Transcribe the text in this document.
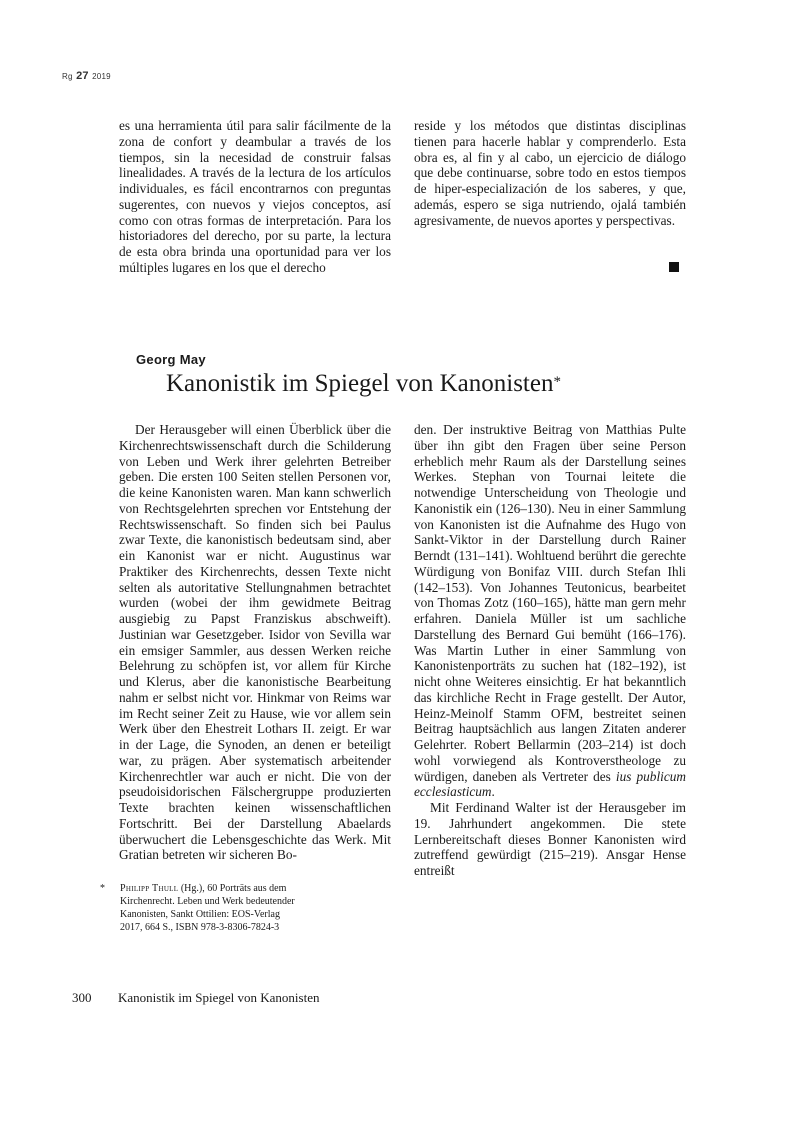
Rg 27 2019

es una herramienta útil para salir fácilmente de la zona de confort y deambular a través de los tiempos, sin la necesidad de construir falsas linealidades. A través de la lectura de los artículos individuales, es fácil encontrarnos con preguntas sugerentes, con nuevos y viejos conceptos, así como con otras formas de interpretación. Para los historiadores del derecho, por su parte, la lectura de esta obra brinda una oportunidad para ver los múltiples lugares en los que el derecho

reside y los métodos que distintas disciplinas tienen para hacerle hablar y comprenderlo. Esta obra es, al fin y al cabo, un ejercicio de diálogo que debe continuarse, sobre todo en estos tiempos de hiper-especialización de los saberes, y que, además, espero se siga nutriendo, ojalá también agresivamente, de nuevos aportes y perspectivas.

Georg May
Kanonistik im Spiegel von Kanonisten*

Der Herausgeber will einen Überblick über die Kirchenrechtswissenschaft durch die Schilderung von Leben und Werk ihrer gelehrten Betreiber geben. Die ersten 100 Seiten stellen Personen vor, die keine Kanonisten waren. Man kann schwerlich von Rechtsgelehrten sprechen vor Entstehung der Rechtswissenschaft. So finden sich bei Paulus zwar Texte, die kanonistisch bedeutsam sind, aber ein Kanonist war er nicht. Augustinus war Praktiker des Kirchenrechts, dessen Texte nicht selten als autoritative Stellungnahmen betrachtet wurden (wobei der ihm gewidmete Beitrag ausgiebig zu Papst Franziskus abschweift). Justinian war Gesetzgeber. Isidor von Sevilla war ein emsiger Sammler, aus dessen Werken reiche Belehrung zu schöpfen ist, vor allem für Kirche und Klerus, aber die kanonistische Bearbeitung nahm er selbst nicht vor. Hinkmar von Reims war im Recht seiner Zeit zu Hause, wie vor allem sein Werk über den Ehestreit Lothars II. zeigt. Er war in der Lage, die Synoden, an denen er beteiligt war, zu prägen. Aber systematisch arbeitender Kirchenrechtler war auch er nicht. Die von der pseudoisidorischen Fälschergruppe produzierten Texte brachten keinen wissenschaftlichen Fortschritt. Bei der Darstellung Abaelards überwuchert die Lebensgeschichte das Werk. Mit Gratian betreten wir sicheren Bo-

den. Der instruktive Beitrag von Matthias Pulte über ihn gibt den Fragen über seine Person erheblich mehr Raum als der Darstellung seines Werkes. Stephan von Tournai leitete die notwendige Unterscheidung von Theologie und Kanonistik ein (126–130). Neu in einer Sammlung von Kanonisten ist die Aufnahme des Hugo von Sankt-Viktor in der Darstellung durch Rainer Berndt (131–141). Wohltuend berührt die gerechte Würdigung von Bonifaz VIII. durch Stefan Ihli (142–153). Von Johannes Teutonicus, bearbeitet von Thomas Zotz (160–165), hätte man gern mehr erfahren. Daniela Müller ist um sachliche Darstellung des Bernard Gui bemüht (166–176). Was Martin Luther in einer Sammlung von Kanonistenporträts zu suchen hat (182–192), ist nicht ohne Weiteres einsichtig. Er hat bekanntlich das kirchliche Recht in Frage gestellt. Der Autor, Heinz-Meinolf Stamm OFM, bestreitet seinen Beitrag hauptsächlich aus langen Zitaten anderer Gelehrter. Robert Bellarmin (203–214) ist doch wohl vorwiegend als Kontroverstheologe zu würdigen, daneben als Vertreter des ius publicum ecclesiasticum.

Mit Ferdinand Walter ist der Herausgeber im 19. Jahrhundert angekommen. Die stete Lernbereitschaft dieses Bonner Kanonisten wird zutreffend gewürdigt (215–219). Ansgar Hense entreißt

* Philipp Thull (Hg.), 60 Porträts aus dem Kirchenrecht. Leben und Werk bedeutender Kanonisten, Sankt Ottilien: EOS-Verlag 2017, 664 S., ISBN 978-3-8306-7824-3
300 Kanonistik im Spiegel von Kanonisten
